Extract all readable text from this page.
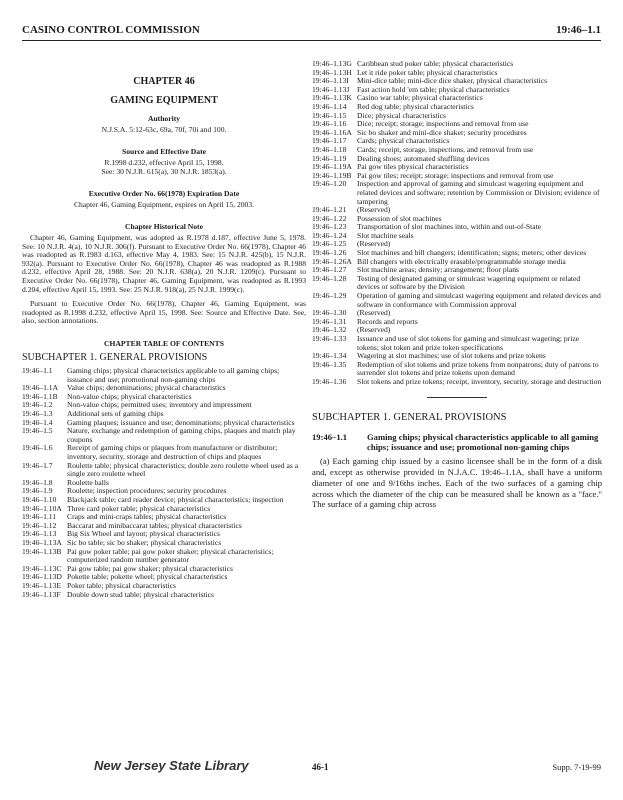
CASINO CONTROL COMMISSION	19:46–1.1
CHAPTER 46
GAMING EQUIPMENT
Authority
N.J.S.A. 5:12-63c, 69a, 70f, 70i and 100.
Source and Effective Date
R.1998 d.232, effective April 15, 1998.
See: 30 N.J.R. 615(a), 30 N.J.R. 1853(a).
Executive Order No. 66(1978) Expiration Date
Chapter 46, Gaming Equipment, expires on April 15, 2003.
Chapter Historical Note
Chapter 46, Gaming Equipment, was adopted as R.1978 d.187, effective June 5, 1978. See: 10 N.J.R. 4(a), 10 N.J.R. 306(f). Pursuant to Executive Order No. 66(1978), Chapter 46 was readopted as R.1983 d.163, effective May 4, 1983. See: 15 N.J.R. 425(b), 15 N.J.R. 932(a). Pursuant to Executive Order No. 66(1978), Chapter 46 was readopted as R.1988 d.232, effective April 28, 1988. See: 20 N.J.R. 638(a), 20 N.J.R. 1209(c). Pursuant to Executive Order No. 66(1978), Chapter 46, Gaming Equipment, was readopted as R.1993 d.204, effective April 15, 1993. See: 25 N.J.R. 918(a), 25 N.J.R. 1999(c).
Pursuant to Executive Order No. 66(1978), Chapter 46, Gaming Equipment, was readopted as R.1998 d.232, effective April 15, 1998. See: Source and Effective Date. See, also, section annotations.
CHAPTER TABLE OF CONTENTS
SUBCHAPTER 1. GENERAL PROVISIONS
19:46–1.1	Gaming chips; physical characteristics applicable to all gaming chips; issuance and use; promotional non-gaming chips
19:46–1.1A	Value chips; denominations; physical characteristics
19:46–1.1B	Non-value chips; physical characteristics
19:46–1.2	Non-value chips; permitted uses; inventory and impressment
19:46–1.3	Additional sets of gaming chips
19:46–1.4	Gaming plaques; issuance and use; denominations; physical characteristics
19:46–1.5	Nature, exchange and redemption of gaming chips, plaques and match play coupons
19:46–1.6	Receipt of gaming chips or plaques from manufacturer or distributor; inventory, security, storage and destruction of chips and plaques
19:46–1.7	Roulette table; physical characteristics; double zero roulette wheel used as a single zero roulette wheel
19:46–1.8	Roulette balls
19:46–1.9	Roulette; inspection procedures; security procedures
19:46–1.10	Blackjack table; card reader device; physical characteristics; inspection
19:46–1.10A Three card poker table; physical characteristics
19:46–1.11	Craps and mini-craps tables; physical characteristics
19:46–1.12	Baccarat and minibaccarat tables; physical characteristics
19:46–1.13	Big Six Wheel and layout; physical characteristics
19:46–1.13A Sic bo table; sic bo shaker; physical characteristics
19:46–1.13B Pai gow poker table; pai gow poker shaker; physical characteristics; computerized random number generator
19:46–1.13C Pai gow table; pai gow shaker; physical characteristics
19:46–1.13D Pokette table; pokette wheel; physical characteristics
19:46–1.13E Poker table; physical characteristics
19:46–1.13F Double down stud table; physical characteristics
19:46–1.13G Caribbean stud poker table; physical characteristics
19:46–1.13H Let it ride poker table; physical characteristics
19:46–1.13I	Mini-dice table; mini-dice dice shaker, physical characteristics
19:46–1.13J	Fast action hold 'em table; physical characteristics
19:46–1.13K Casino war table; physical characteristics
19:46–1.14	Red dog table; physical characteristics
19:46–1.15	Dice; physical characteristics
19:46–1.16	Dice; receipt; storage; inspections and removal from use
19:46–1.16A Sic bo shaker and mini-dice shaker; security procedures
19:46–1.17	Cards; physical characteristics
19:46–1.18	Cards; receipt, storage, inspections, and removal from use
19:46–1.19	Dealing shoes; automated shuffling devices
19:46–1.19A Pai gow tiles physical characteristics
19:46–1.19B Pai gow tiles; receipt; storage; inspections and removal from use
19:46–1.20	Inspection and approval of gaming and simulcast wagering equipment and related devices and software; retention by Commission or Division; evidence of tampering
19:46–1.21	(Reserved)
19:46–1.22	Possession of slot machines
19:46–1.23	Transportation of slot machines into, within and out-of-State
19:46–1.24	Slot machine seals
19:46–1.25	(Reserved)
19:46–1.26	Slot machines and bill changers; identification; signs; meters; other devices
19:46–1.26A Bill changers with electrically erasable/programmable storage media
19:46–1.27	Slot machine areas; density; arrangement; floor plans
19:46–1.28	Testing of designated gaming or simulcast wagering equipment or related devices or software by the Division
19:46–1.29	Operation of gaming and simulcast wagering equipment and related devices and software in conformance with Commission approval
19:46–1.30	(Reserved)
19:46–1.31	Records and reports
19:46–1.32	(Reserved)
19:46–1.33	Issuance and use of slot tokens for gaming and simulcast wagering; prize tokens; slot token and prize token specifications
19:46–1.34	Wagering at slot machines; use of slot tokens and prize tokens
19:46–1.35	Redemption of slot tokens and prize tokens from nonpatrons; duty of patrons to surrender slot tokens and prize tokens upon demand
19:46–1.36	Slot tokens and prize tokens; receipt, inventory, security, storage and destruction
SUBCHAPTER 1. GENERAL PROVISIONS
19:46–1.1	Gaming chips; physical characteristics applicable to all gaming chips; issuance and use; promotional non-gaming chips
(a) Each gaming chip issued by a casino licensee shall be in the form of a disk and, except as otherwise provided in N.J.A.C. 19:46–1.1A, shall have a uniform diameter of one and 9/16ths inches. Each of the two surfaces of a gaming chip across which the diameter of the chip can be measured shall be known as a "face." The surface of a gaming chip across
New Jersey State Library	46-1	Supp. 7-19-99
